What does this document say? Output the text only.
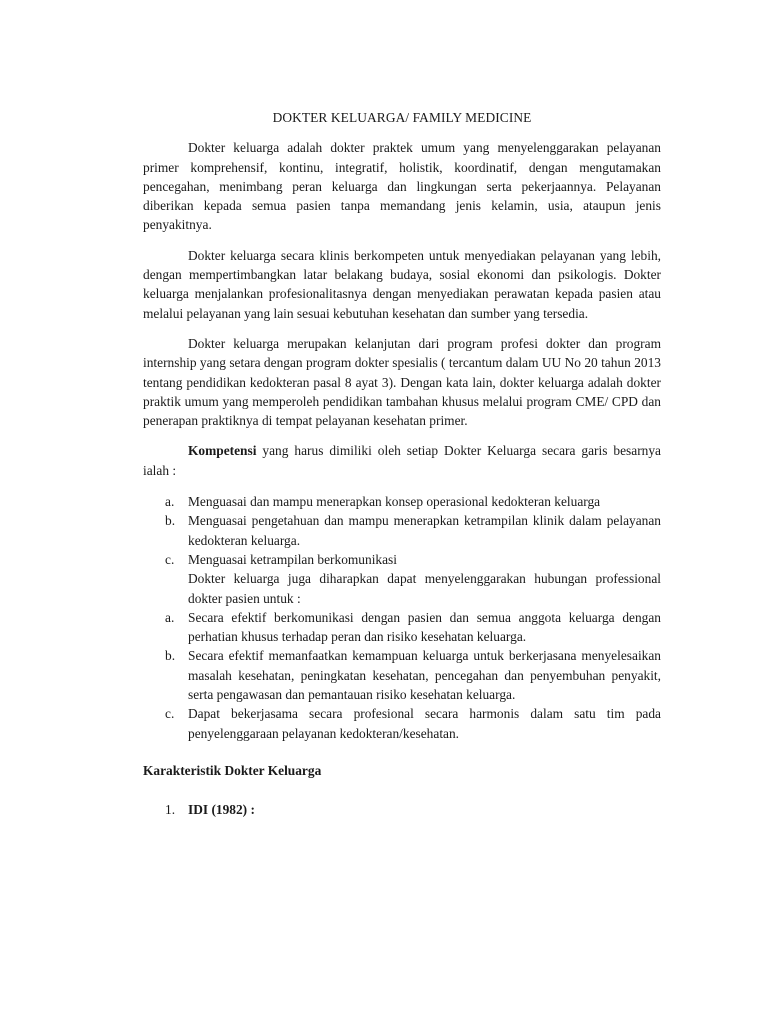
DOKTER KELUARGA/ FAMILY MEDICINE

Dokter keluarga adalah dokter praktek umum yang menyelenggarakan pelayanan primer komprehensif, kontinu, integratif, holistik, koordinatif, dengan mengutamakan pencegahan, menimbang peran keluarga dan lingkungan serta pekerjaannya. Pelayanan diberikan kepada semua pasien tanpa memandang jenis kelamin, usia, ataupun jenis penyakitnya.

Dokter keluarga secara klinis berkompeten untuk menyediakan pelayanan yang lebih, dengan mempertimbangkan latar belakang budaya, sosial ekonomi dan psikologis. Dokter keluarga menjalankan profesionalitasnya dengan menyediakan perawatan kepada pasien atau melalui pelayanan yang lain sesuai kebutuhan kesehatan dan sumber yang tersedia.

Dokter keluarga merupakan kelanjutan dari program profesi dokter dan program internship yang setara dengan program dokter spesialis ( tercantum dalam UU No 20 tahun 2013 tentang pendidikan kedokteran pasal 8 ayat 3). Dengan kata lain, dokter keluarga adalah dokter praktik umum yang memperoleh pendidikan tambahan khusus melalui program CME/ CPD dan penerapan praktiknya di tempat pelayanan kesehatan primer.

Kompetensi yang harus dimiliki oleh setiap Dokter Keluarga secara garis besarnya ialah :

a. Menguasai dan mampu menerapkan konsep operasional kedokteran keluarga
b. Menguasai pengetahuan dan mampu menerapkan ketrampilan klinik dalam pelayanan kedokteran keluarga.
c. Menguasai ketrampilan berkomunikasi
Dokter keluarga juga diharapkan dapat menyelenggarakan hubungan professional dokter pasien untuk :
a. Secara efektif berkomunikasi dengan pasien dan semua anggota keluarga dengan perhatian khusus terhadap peran dan risiko kesehatan keluarga.
b. Secara efektif memanfaatkan kemampuan keluarga untuk berkerjasana menyelesaikan masalah kesehatan, peningkatan kesehatan, pencegahan dan penyembuhan penyakit, serta pengawasan dan pemantauan risiko kesehatan keluarga.
c. Dapat bekerjasama secara profesional secara harmonis dalam satu tim pada penyelenggaraan pelayanan kedokteran/kesehatan.
Karakteristik Dokter Keluarga
1. IDI (1982) :
